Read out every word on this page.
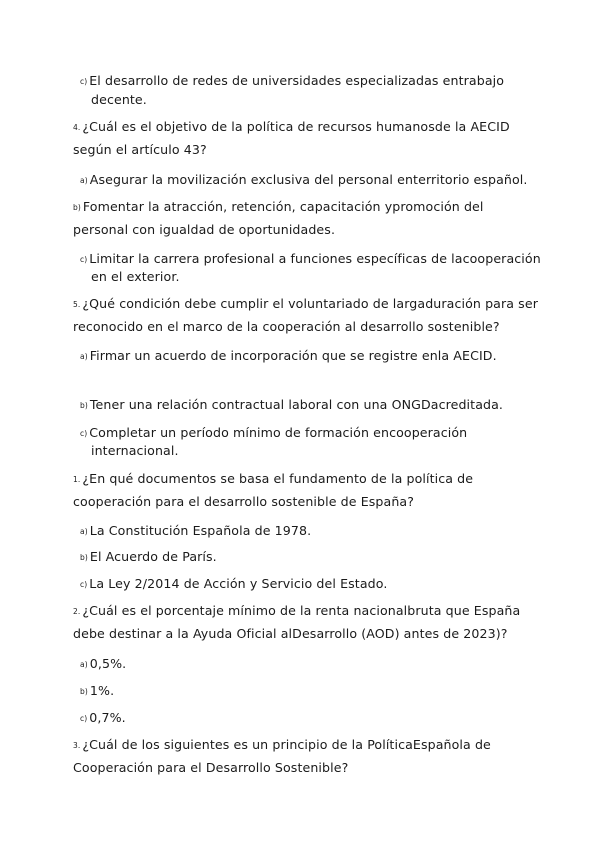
c) El desarrollo de redes de universidades especializadas entrabajo
decente.
4. ¿Cuál es el objetivo de la política de recursos humanosde la AECID
según el artículo 43?
a) Asegurar la movilización exclusiva del personal enterritorio español.
b) Fomentar la atracción, retención, capacitación ypromoción del
personal con igualdad de oportunidades.
c) Limitar la carrera profesional a funciones específicas de lacooperación
en el exterior.
5. ¿Qué condición debe cumplir el voluntariado de largaduración para ser
reconocido en el marco de la cooperación al desarrollo sostenible?
a) Firmar un acuerdo de incorporación que se registre enla AECID.
b) Tener una relación contractual laboral con una ONGDacreditada.
c) Completar un período mínimo de formación encooperación
internacional.
1. ¿En qué documentos se basa el fundamento de la política de
cooperación para el desarrollo sostenible de España?
a) La Constitución Española de 1978.
b) El Acuerdo de París.
c) La Ley 2/2014 de Acción y Servicio del Estado.
2. ¿Cuál es el porcentaje mínimo de la renta nacionalbruta que España
debe destinar a la Ayuda Oficial alDesarrollo (AOD) antes de 2023)?
a) 0,5%.
b) 1%.
c) 0,7%.
3. ¿Cuál de los siguientes es un principio de la PolíticaEspañola de
Cooperación para el Desarrollo Sostenible?
